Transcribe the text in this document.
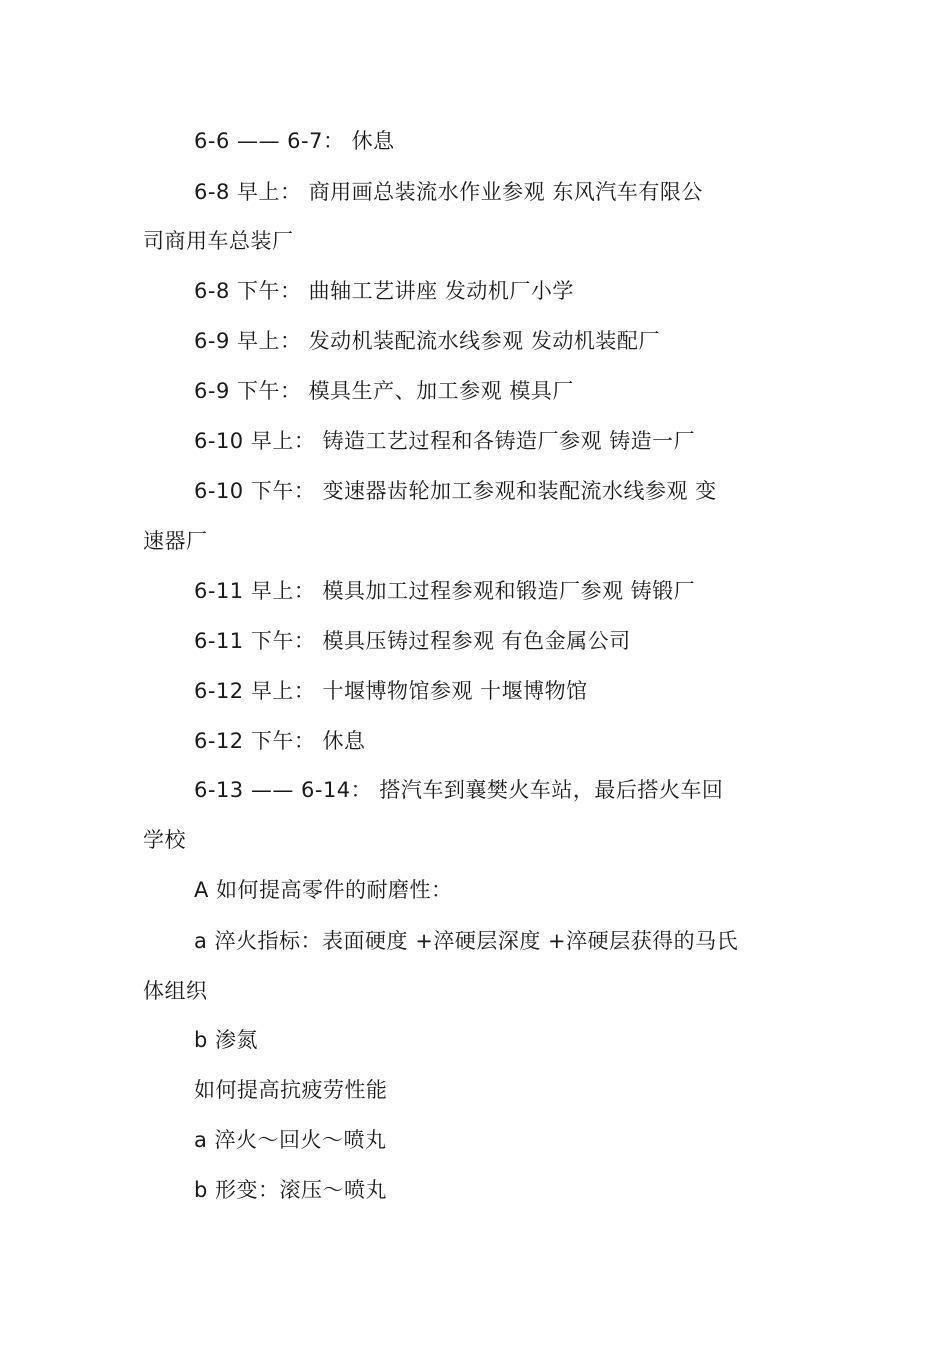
6-6 —— 6-7： 休息
6-8 早上： 商用画总装流水作业参观 东风汽车有限公
司商用车总装厂
6-8 下午： 曲轴工艺讲座 发动机厂小学
6-9 早上： 发动机装配流水线参观 发动机装配厂
6-9 下午： 模具生产、加工参观 模具厂
6-10 早上： 铸造工艺过程和各铸造厂参观 铸造一厂
6-10 下午： 变速器齿轮加工参观和装配流水线参观 变
速器厂
6-11 早上： 模具加工过程参观和锻造厂参观 铸锻厂
6-11 下午： 模具压铸过程参观 有色金属公司
6-12 早上： 十堰博物馆参观 十堰博物馆
6-12 下午： 休息
6-13 —— 6-14： 搭汽车到襄樊火车站，最后搭火车回
学校
A 如何提高零件的耐磨性：
a 淬火指标：表面硬度 +淬硬层深度 +淬硬层获得的马氏
体组织
b 渗氮
如何提高抗疲劳性能
a 淬火～回火～喷丸
b 形变：滚压～喷丸
